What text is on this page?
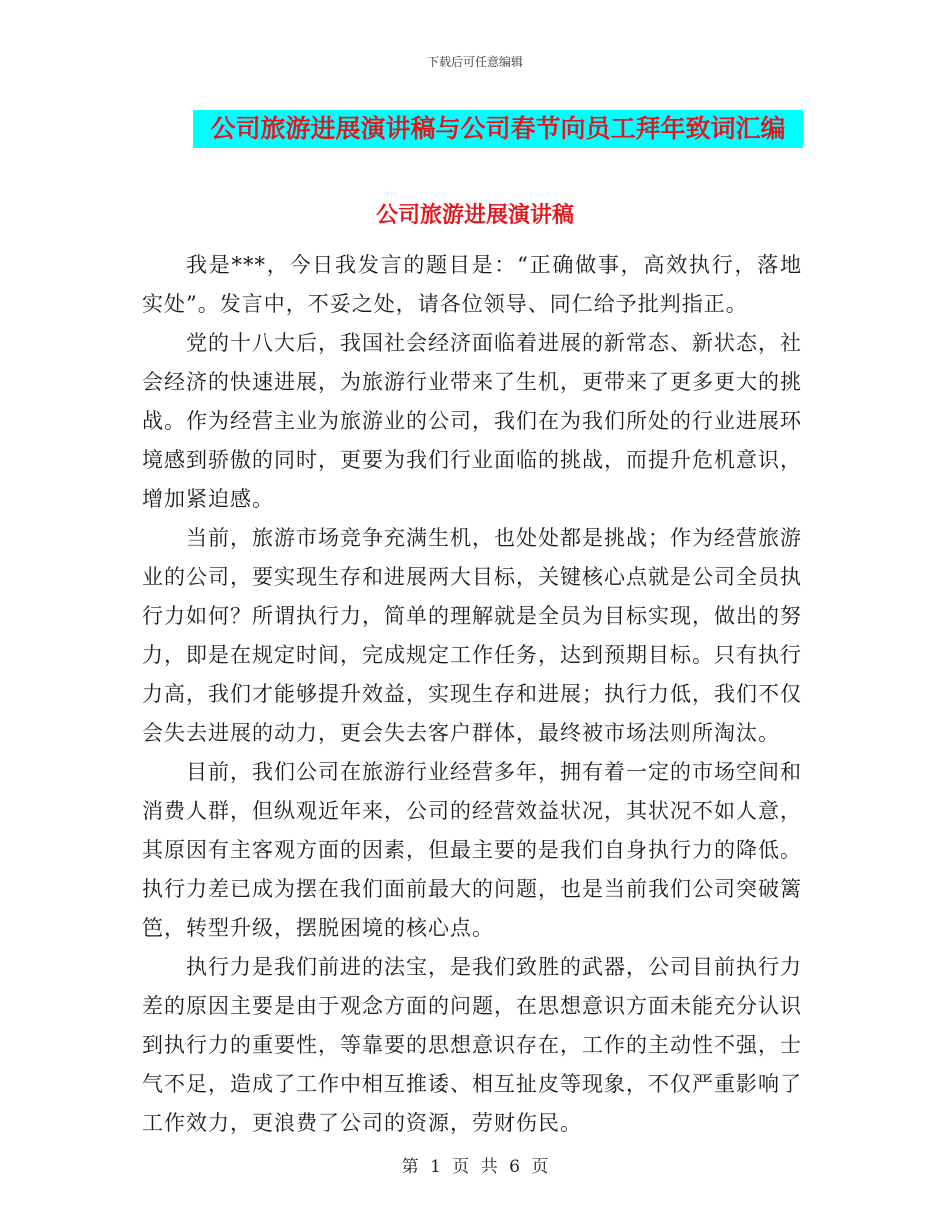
下载后可任意编辑
公司旅游进展演讲稿与公司春节向员工拜年致词汇编
公司旅游进展演讲稿

我是***，今日我发言的题目是：“正确做事，高效执行，落地实处”。发言中，不妥之处，请各位领导、同仁给予批判指正。

党的十八大后，我国社会经济面临着进展的新常态、新状态，社会经济的快速进展，为旅游行业带来了生机，更带来了更多更大的挑战。作为经营主业为旅游业的公司，我们在为我们所处的行业进展环境感到骄傲的同时，更要为我们行业面临的挑战，而提升危机意识，增加紧迫感。

当前，旅游市场竞争充满生机，也处处都是挑战；作为经营旅游业的公司，要实现生存和进展两大目标，关键核心点就是公司全员执行力如何？所谓执行力，简单的理解就是全员为目标实现，做出的努力，即是在规定时间，完成规定工作任务，达到预期目标。只有执行力高，我们才能够提升效益，实现生存和进展；执行力低，我们不仅会失去进展的动力，更会失去客户群体，最终被市场法则所淘汰。

目前，我们公司在旅游行业经营多年，拥有着一定的市场空间和消费人群，但纵观近年来，公司的经营效益状况，其状况不如人意，其原因有主客观方面的因素，但最主要的是我们自身执行力的降低。执行力差已成为摆在我们面前最大的问题，也是当前我们公司突破篱笆，转型升级，摆脱困境的核心点。

执行力是我们前进的法宝，是我们致胜的武器，公司目前执行力差的原因主要是由于观念方面的问题，在思想意识方面未能充分认识到执行力的重要性，等靠要的思想意识存在，工作的主动性不强，士气不足，造成了工作中相互推诿、相互扯皮等现象，不仅严重影响了工作效力，更浪费了公司的资源，劳财伤民。

第 1 页 共 6 页
